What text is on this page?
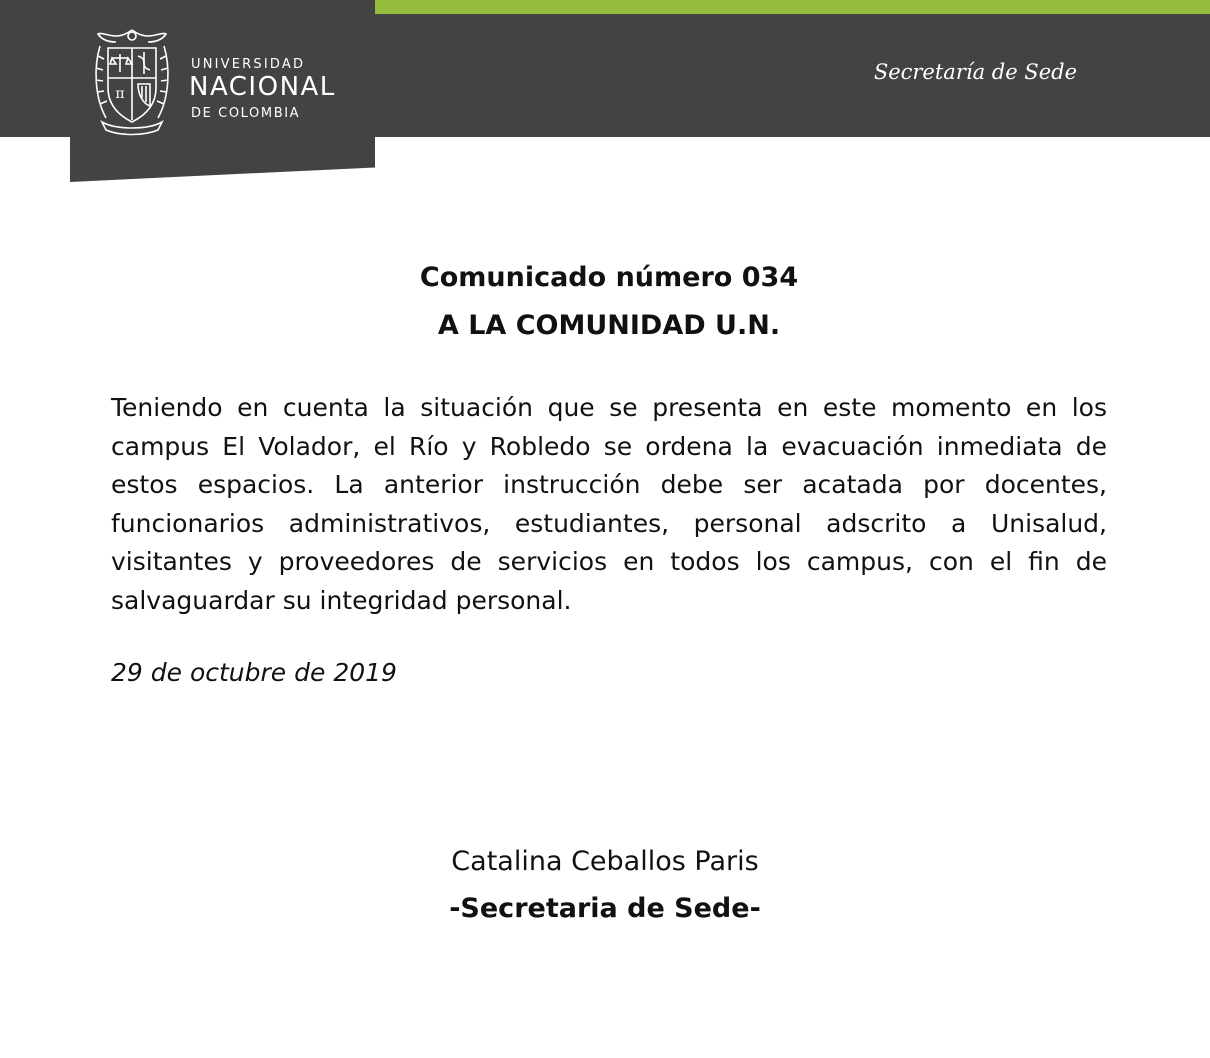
π
UNIVERSIDAD
NACIONAL
DE COLOMBIA
Secretaría de Sede
Comunicado número 034
A LA COMUNIDAD U.N.

Teniendo en cuenta la situación que se presenta en este momento en los campus El Volador, el Río y Robledo se ordena la evacuación inmediata de estos espacios. La anterior instrucción debe ser acatada por docentes, funcionarios administrativos, estudiantes, personal adscrito a Unisalud, visitantes y proveedores de servicios en todos los campus, con el fin de salvaguardar su integridad personal.

29 de octubre de 2019
Catalina Ceballos Paris
-Secretaria de Sede-
